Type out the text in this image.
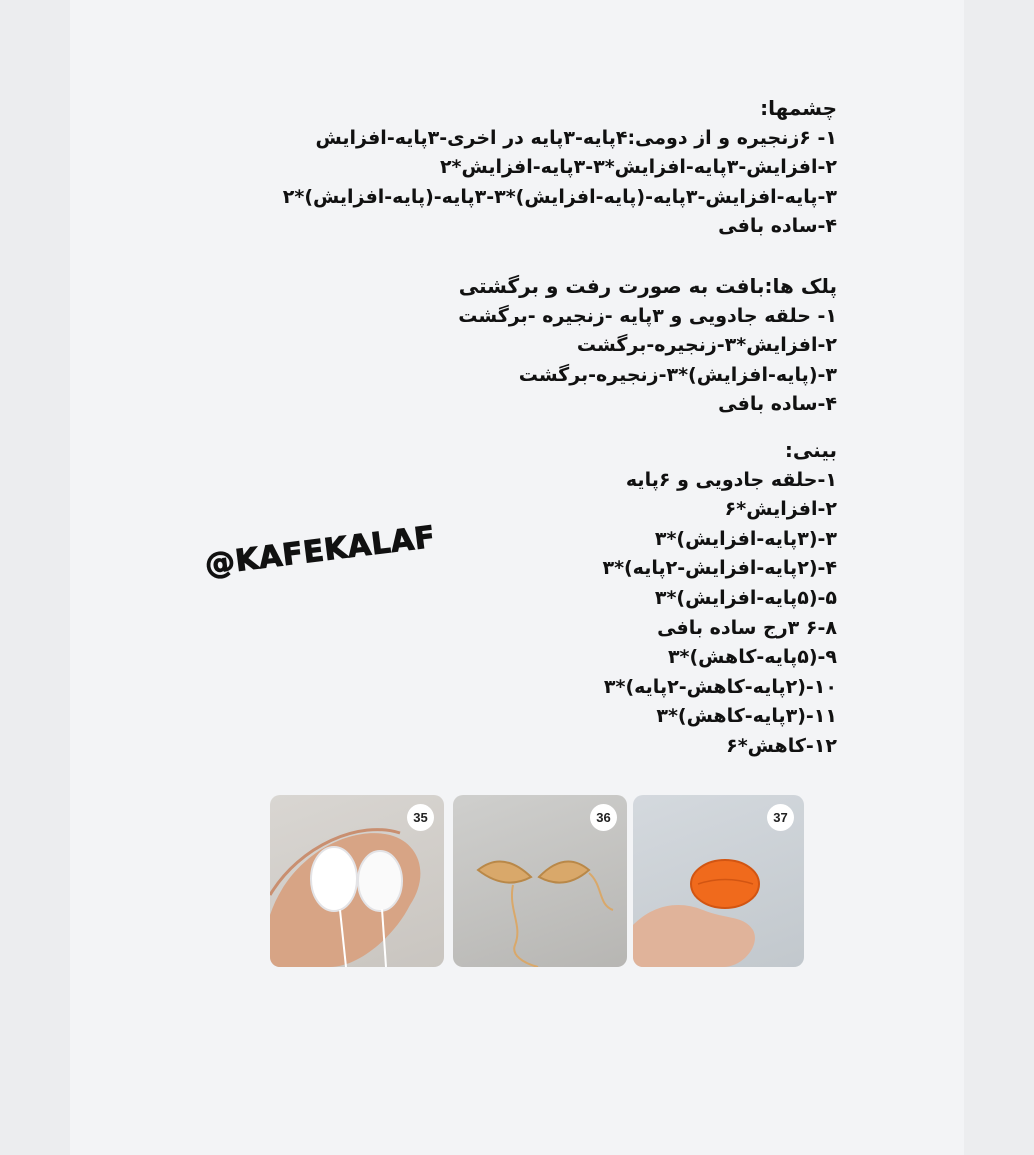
چشمها:
۱- ۶زنجیره و از دومی:۴پایه-۳پایه در اخری-۳پایه-افزایش
۲-افزایش-۳پایه-افزایش*۳-۳پایه-افزایش*۲
۳-پایه-افزایش-۳پایه-(پایه-افزایش)*۳-۳پایه-(پایه-افزایش)*۲
۴-ساده بافی
پلک ها:بافت به صورت رفت و برگشتی
۱- حلقه جادویی و ۳پایه -زنجیره -برگشت
۲-افزایش*۳-زنجیره-برگشت
۳-(پایه-افزایش)*۳-زنجیره-برگشت
۴-ساده بافی
بینی:
۱-حلقه جادویی و ۶پایه
۲-افزایش*۶
۳-(۳پایه-افزایش)*۳
۴-(۲پایه-افزایش-۲پایه)*۳
۵-(۵پایه-افزایش)*۳
۶-۸ ۳رج ساده بافی
۹-(۵پایه-کاهش)*۳
۱۰-(۲پایه-کاهش-۲پایه)*۳
۱۱-(۳پایه-کاهش)*۳
۱۲-کاهش*۶
@KAFEKALAF
35	36	37
